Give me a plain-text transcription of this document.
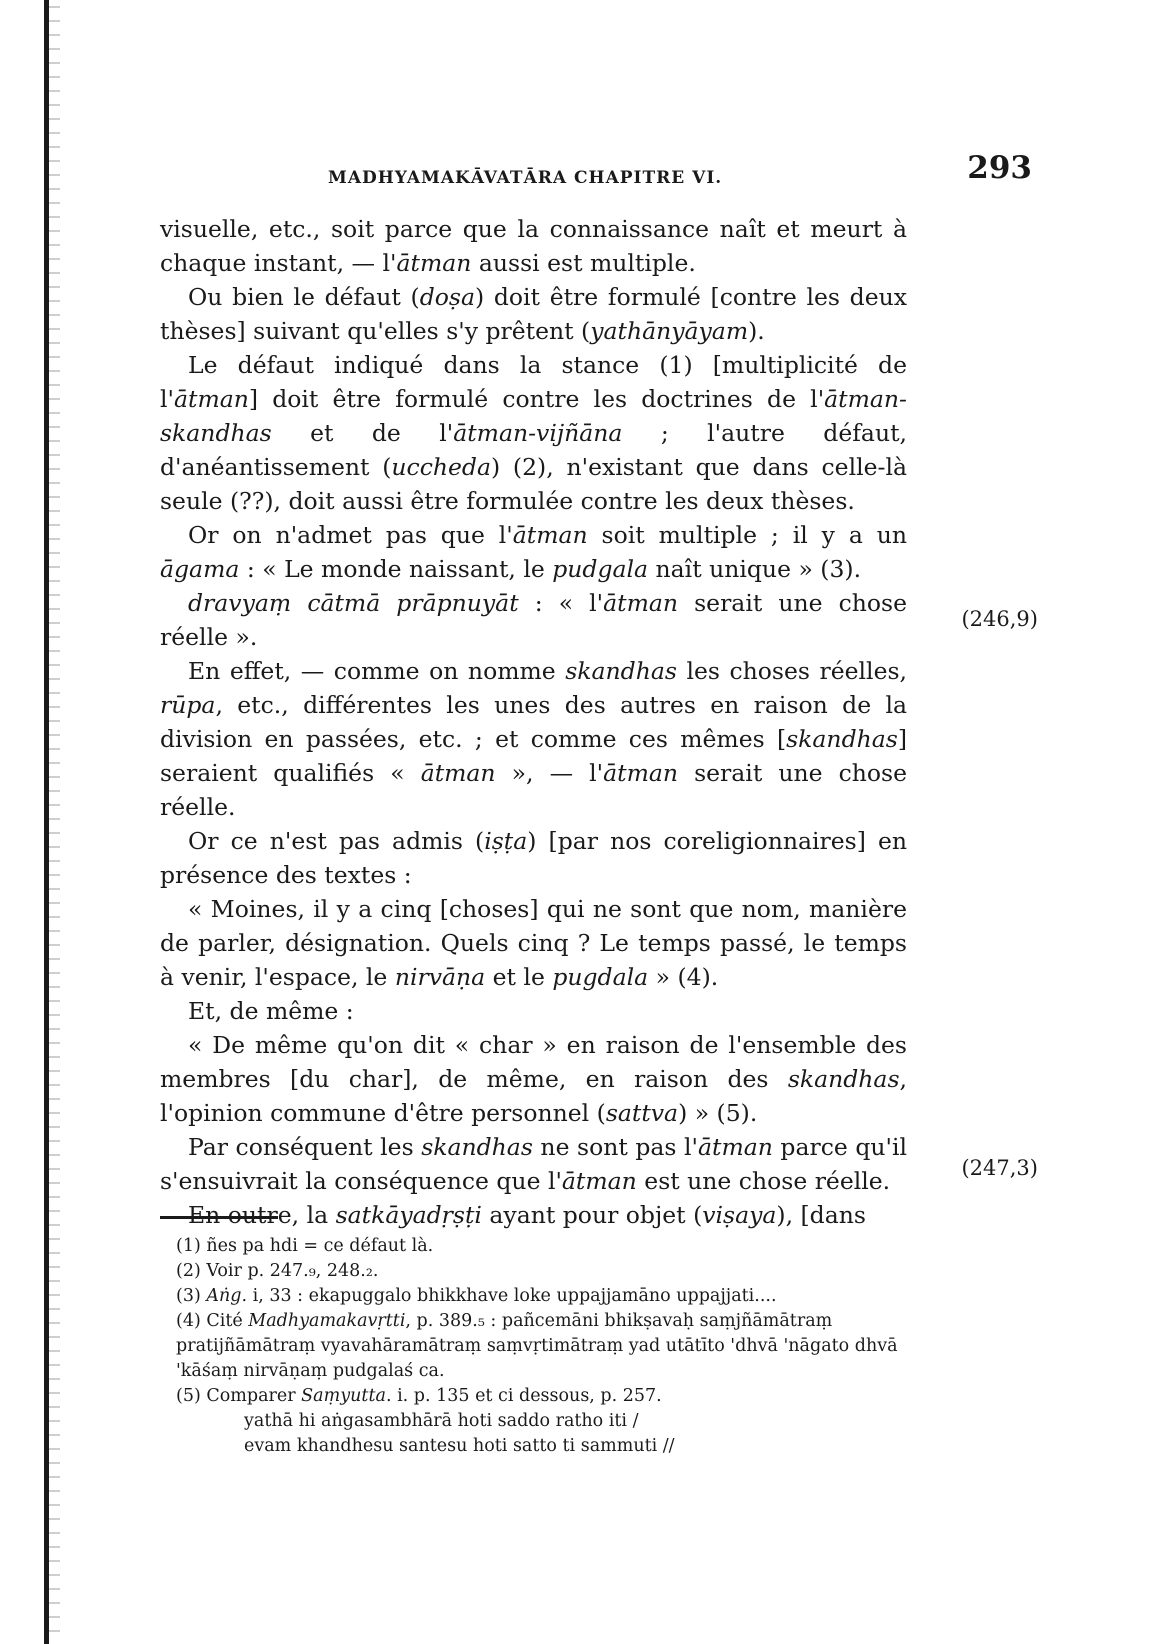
MADHYAMAKĀVATĀRA CHAPITRE VI.	293

visuelle, etc., soit parce que la connaissance naît et meurt à chaque instant, — l'ātman aussi est multiple.

Ou bien le défaut (doṣa) doit être formulé [contre les deux thèses] suivant qu'elles s'y prêtent (yathānyāyam).

Le défaut indiqué dans la stance (1) [multiplicité de l'ātman] doit être formulé contre les doctrines de l'ātman-skandhas et de l'ātman-vijñāna ; l'autre défaut, d'anéantissement (uccheda) (2), n'existant que dans celle-là seule (??), doit aussi être formulée contre les deux thèses.

Or on n'admet pas que l'ātman soit multiple ; il y a un āgama : « Le monde naissant, le pudgala naît unique » (3).

dravyaṃ cātmā prāpnuyāt : « l'ātman serait une chose réelle ».

En effet, — comme on nomme skandhas les choses réelles, rūpa, etc., différentes les unes des autres en raison de la division en passées, etc. ; et comme ces mêmes [skandhas] seraient qualifiés « ātman », — l'ātman serait une chose réelle.

Or ce n'est pas admis (iṣṭa) [par nos coreligionnaires] en présence des textes :

« Moines, il y a cinq [choses] qui ne sont que nom, manière de parler, désignation. Quels cinq ? Le temps passé, le temps à venir, l'espace, le nirvāṇa et le pugdala » (4).

Et, de même :

« De même qu'on dit « char » en raison de l'ensemble des membres [du char], de même, en raison des skandhas, l'opinion commune d'être personnel (sattva) » (5).

Par conséquent les skandhas ne sont pas l'ātman parce qu'il s'ensuivrait la conséquence que l'ātman est une chose réelle.

En outre, la satkāyadṛṣṭi ayant pour objet (viṣaya), [dans

(246,9)
(247,3)

(1) ñes pa hdi = ce défaut là.

(2) Voir p. 247.₉, 248.₂.

(3) Aṅg. i, 33 : ekapuggalo bhikkhave loke uppajjamāno uppajjati....

(4) Cité Madhyamakavṛtti, p. 389.₅ : pañcemāni bhikṣavaḥ saṃjñāmātraṃ pratijñāmātraṃ vyavahāramātraṃ saṃvṛtimātraṃ yad utātīto 'dhvā 'nāgato dhvā 'kāśaṃ nirvāṇaṃ pudgalaś ca.

(5) Comparer Saṃyutta. i. p. 135 et ci dessous, p. 257.

yathā hi aṅgasambhārā hoti saddo ratho iti /

evam khandhesu santesu hoti satto ti sammuti //
